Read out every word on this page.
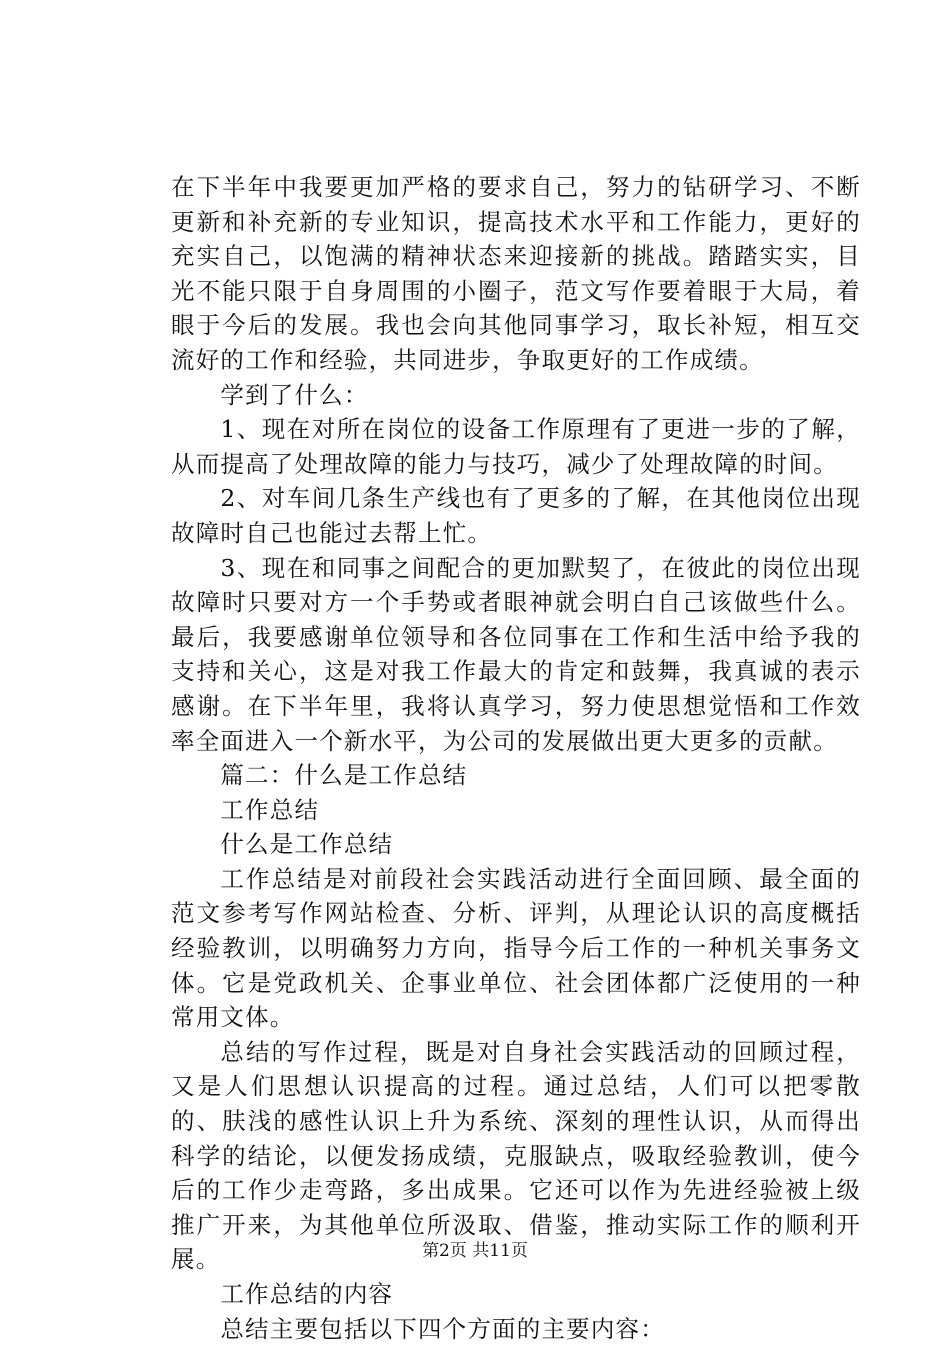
在下半年中我要更加严格的要求自己，努力的钻研学习、不断更新和补充新的专业知识，提高技术水平和工作能力，更好的充实自己，以饱满的精神状态来迎接新的挑战。踏踏实实，目光不能只限于自身周围的小圈子，范文写作要着眼于大局，着眼于今后的发展。我也会向其他同事学习，取长补短，相互交流好的工作和经验，共同进步，争取更好的工作成绩。

学到了什么：

1、现在对所在岗位的设备工作原理有了更进一步的了解，从而提高了处理故障的能力与技巧，减少了处理故障的时间。

2、对车间几条生产线也有了更多的了解，在其他岗位出现故障时自己也能过去帮上忙。

3、现在和同事之间配合的更加默契了，在彼此的岗位出现故障时只要对方一个手势或者眼神就会明白自己该做些什么。最后，我要感谢单位领导和各位同事在工作和生活中给予我的支持和关心，这是对我工作最大的肯定和鼓舞，我真诚的表示感谢。在下半年里，我将认真学习，努力使思想觉悟和工作效率全面进入一个新水平，为公司的发展做出更大更多的贡献。

篇二：什么是工作总结

工作总结

什么是工作总结

工作总结是对前段社会实践活动进行全面回顾、最全面的范文参考写作网站检查、分析、评判，从理论认识的高度概括经验教训，以明确努力方向，指导今后工作的一种机关事务文体。它是党政机关、企事业单位、社会团体都广泛使用的一种常用文体。

总结的写作过程，既是对自身社会实践活动的回顾过程，又是人们思想认识提高的过程。通过总结，人们可以把零散的、肤浅的感性认识上升为系统、深刻的理性认识，从而得出科学的结论，以便发扬成绩，克服缺点，吸取经验教训，使今后的工作少走弯路，多出成果。它还可以作为先进经验被上级推广开来，为其他单位所汲取、借鉴，推动实际工作的顺利开展。

工作总结的内容

总结主要包括以下四个方面的主要内容：

第2页 共11页
